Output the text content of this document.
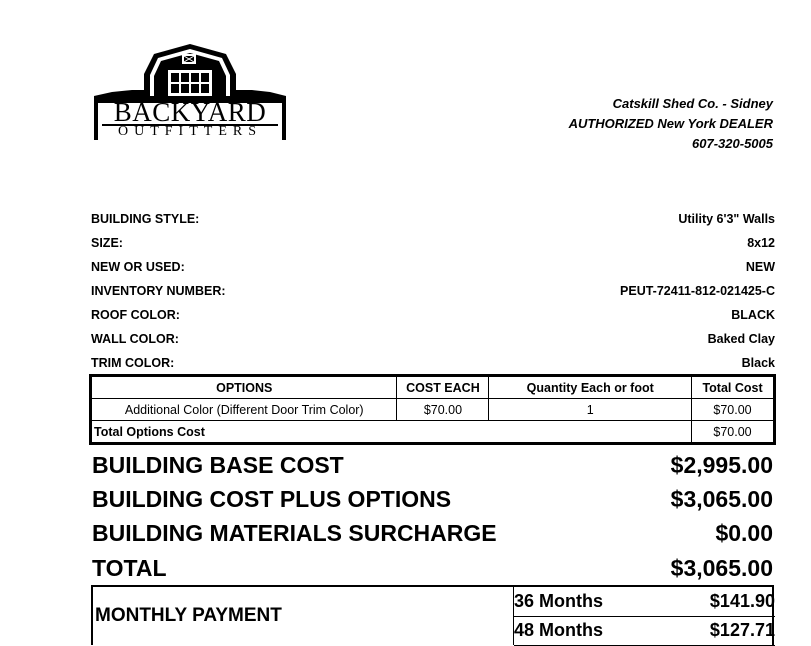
BACKYARD
OUTFITTERS
Catskill Shed Co. - Sidney
AUTHORIZED New York DEALER
607-320-5005
BUILDING STYLE:	Utility 6'3" Walls
SIZE:	8x12
NEW OR USED:	NEW
INVENTORY NUMBER:	PEUT-72411-812-021425-C
ROOF COLOR:	BLACK
WALL COLOR:	Baked Clay
TRIM COLOR:	Black
OPTIONS	COST EACH	Quantity Each or foot	Total Cost
Additional Color (Different Door Trim Color)	$70.00	1	$70.00
Total Options Cost			$70.00
BUILDING BASE COST	$2,995.00
BUILDING COST PLUS OPTIONS	$3,065.00
BUILDING MATERIALS SURCHARGE	$0.00
TOTAL	$3,065.00
MONTHLY PAYMENT
36 Months	$141.90
48 Months	$127.71
